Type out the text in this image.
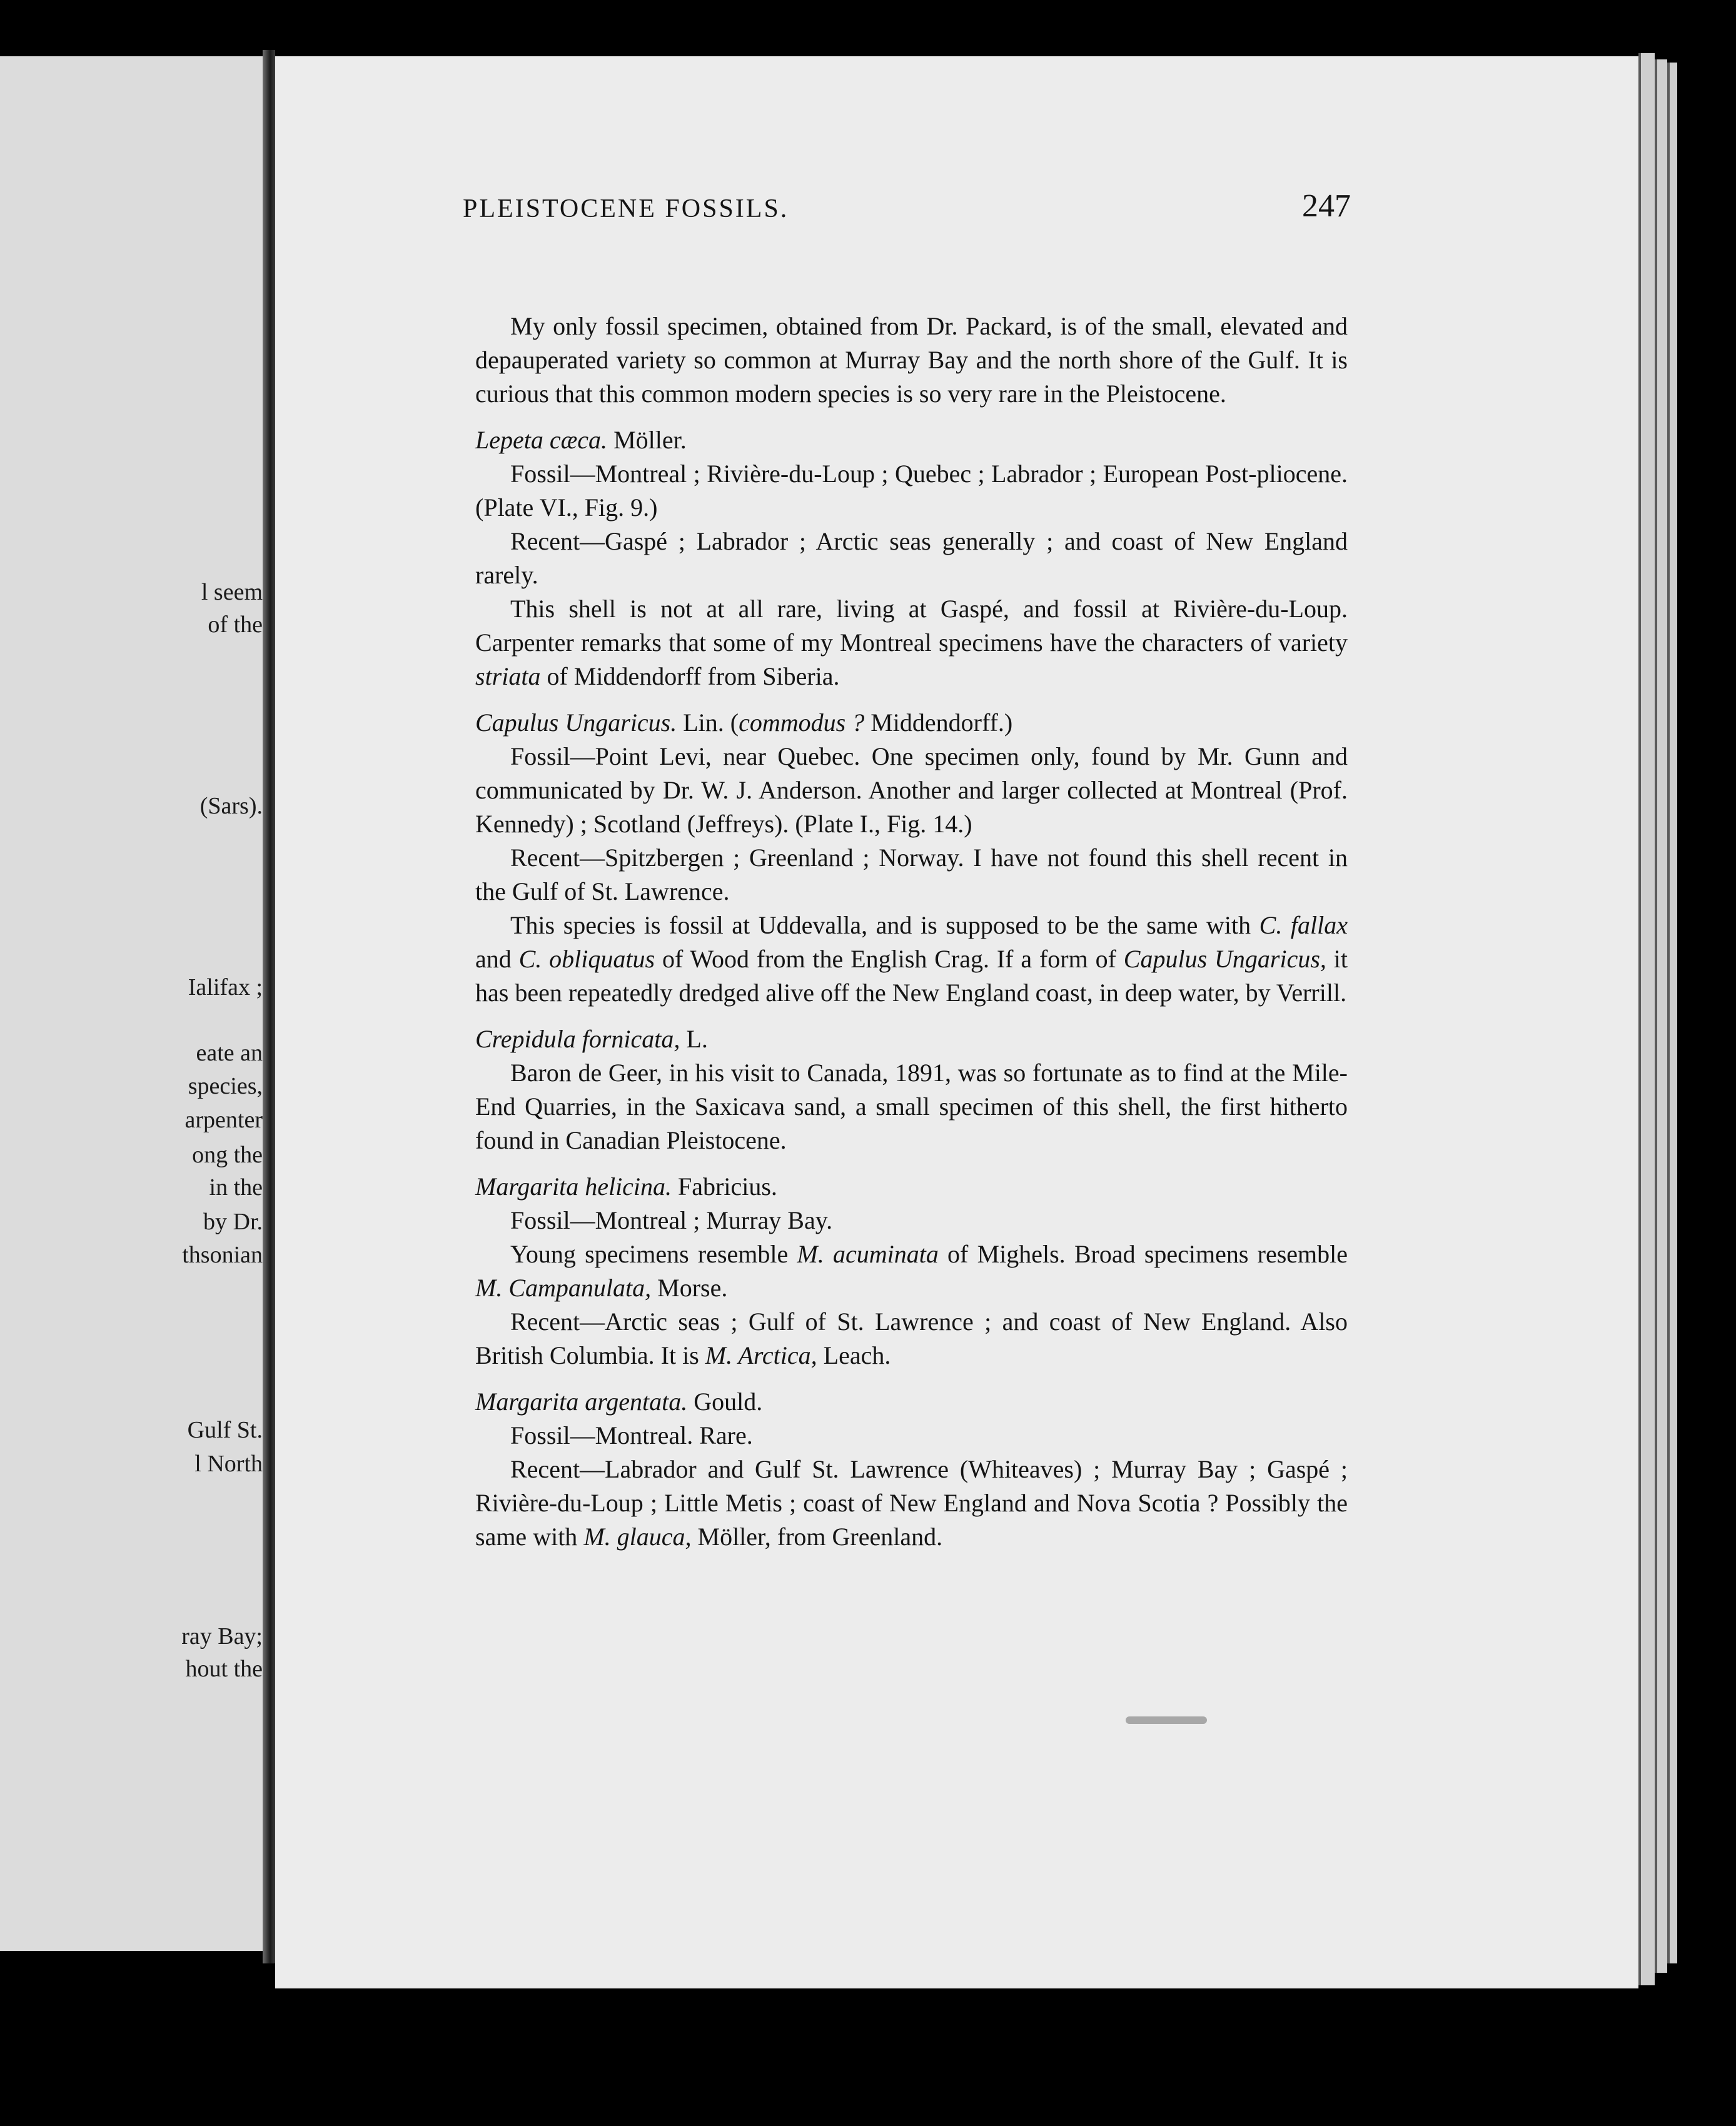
l seem
of the
(Sars).
Ialifax ;
eate an
species,
arpenter
ong the
in the
by Dr.
thsonian
Gulf St.
l North
ray Bay;
hout the
PLEISTOCENE FOSSILS.	247

My only fossil specimen, obtained from Dr. Packard, is of the small, elevated and depauperated variety so common at Murray Bay and the north shore of the Gulf. It is curious that this common modern species is so very rare in the Pleistocene.

Lepeta cæca. Möller.

Fossil—Montreal ; Rivière-du-Loup ; Quebec ; Labrador ; European Post-pliocene. (Plate VI., Fig. 9.)

Recent—Gaspé ; Labrador ; Arctic seas generally ; and coast of New England rarely.

This shell is not at all rare, living at Gaspé, and fossil at Rivière-du-Loup. Carpenter remarks that some of my Montreal specimens have the characters of variety striata of Middendorff from Siberia.

Capulus Ungaricus. Lin. (commodus ? Middendorff.)

Fossil—Point Levi, near Quebec. One specimen only, found by Mr. Gunn and communicated by Dr. W. J. Anderson. Another and larger collected at Montreal (Prof. Kennedy) ; Scotland (Jeffreys). (Plate I., Fig. 14.)

Recent—Spitzbergen ; Greenland ; Norway. I have not found this shell recent in the Gulf of St. Lawrence.

This species is fossil at Uddevalla, and is supposed to be the same with C. fallax and C. obliquatus of Wood from the English Crag. If a form of Capulus Ungaricus, it has been repeatedly dredged alive off the New England coast, in deep water, by Verrill.

Crepidula fornicata, L.

Baron de Geer, in his visit to Canada, 1891, was so fortunate as to find at the Mile-End Quarries, in the Saxicava sand, a small specimen of this shell, the first hitherto found in Canadian Pleistocene.

Margarita helicina. Fabricius.

Fossil—Montreal ; Murray Bay.

Young specimens resemble M. acuminata of Mighels. Broad specimens resemble M. Campanulata, Morse.

Recent—Arctic seas ; Gulf of St. Lawrence ; and coast of New England. Also British Columbia. It is M. Arctica, Leach.

Margarita argentata. Gould.

Fossil—Montreal. Rare.

Recent—Labrador and Gulf St. Lawrence (Whiteaves) ; Murray Bay ; Gaspé ; Rivière-du-Loup ; Little Metis ; coast of New England and Nova Scotia ? Possibly the same with M. glauca, Möller, from Greenland.
